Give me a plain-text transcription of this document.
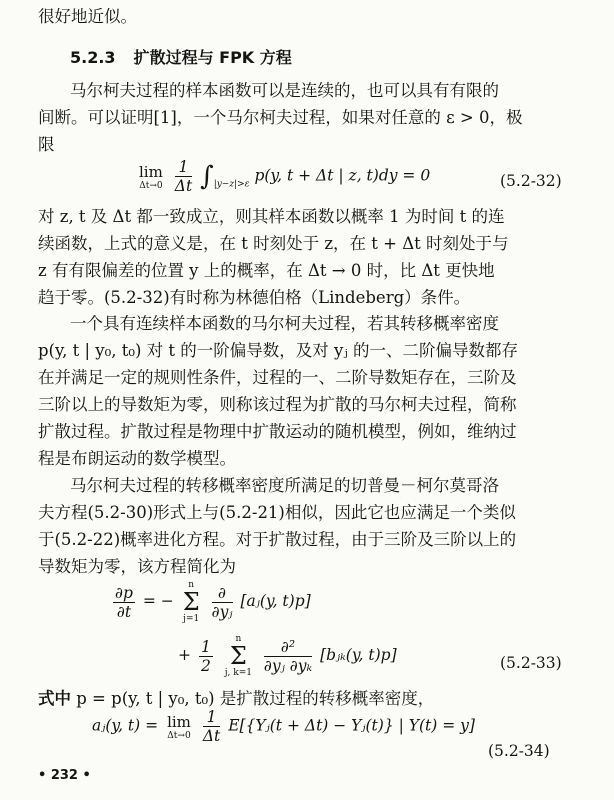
很好地近似。
5.2.3 扩散过程与 FPK 方程
马尔柯夫过程的样本函数可以是连续的，也可以具有有限的
间断。可以证明[1]，一个马尔柯夫过程，如果对任意的 ε > 0，极
限
lim
Δt→0
$\frac{1}{\Delta t} \int_{|y-z|>\varepsilon}$ p(y, t + Δt | z, t)dy = 0	(5.2-32)
对 z, t 及 Δt 都一致成立，则其样本函数以概率 1 为时间 t 的连
续函数，上式的意义是，在 t 时刻处于 z，在 t + Δt 时刻处于与
z 有有限偏差的位置 y 上的概率，在 Δt → 0 时，比 Δt 更快地
趋于零。(5.2-32)有时称为林德伯格（Lindeberg）条件。
一个具有连续样本函数的马尔柯夫过程，若其转移概率密度
p(y, t | y₀, t₀) 对 t 的一阶偏导数，及对 yⱼ 的一、二阶偏导数都存
在并满足一定的规则性条件，过程的一、二阶导数矩存在，三阶及
三阶以上的导数矩为零，则称该过程为扩散的马尔柯夫过程，简称
扩散过程。扩散过程是物理中扩散运动的随机模型，例如，维纳过
程是布朗运动的数学模型。
马尔柯夫过程的转移概率密度所满足的切普曼－柯尔莫哥洛
夫方程(5.2-30)形式上与(5.2-21)相似，因此它也应满足一个类似
于(5.2-22)概率进化方程。对于扩散过程，由于三阶及三阶以上的
导数矩为零，该方程简化为
$\frac{\partial p}{\partial t}$ = −
n
Σ
j=1
$\frac{\partial}{\text{∂yⱼ}}$ [aⱼ(y, t)p]
+ $\frac{1}{2}$
	n
Σ
j, k=1
$\frac{\text{∂²}}{\text{∂yⱼ ∂yₖ}}$ [bⱼₖ(y, t)p]	(5.2-33)
式中 p = p(y, t | y₀, t₀) 是扩散过程的转移概率密度，
aⱼ(y, t) = lim
Δt→0
$\frac{1}{\Delta t}$ E[{Yⱼ(t + Δt) − Yⱼ(t)} | Y(t) = y]
(5.2-34)
• 232 •
